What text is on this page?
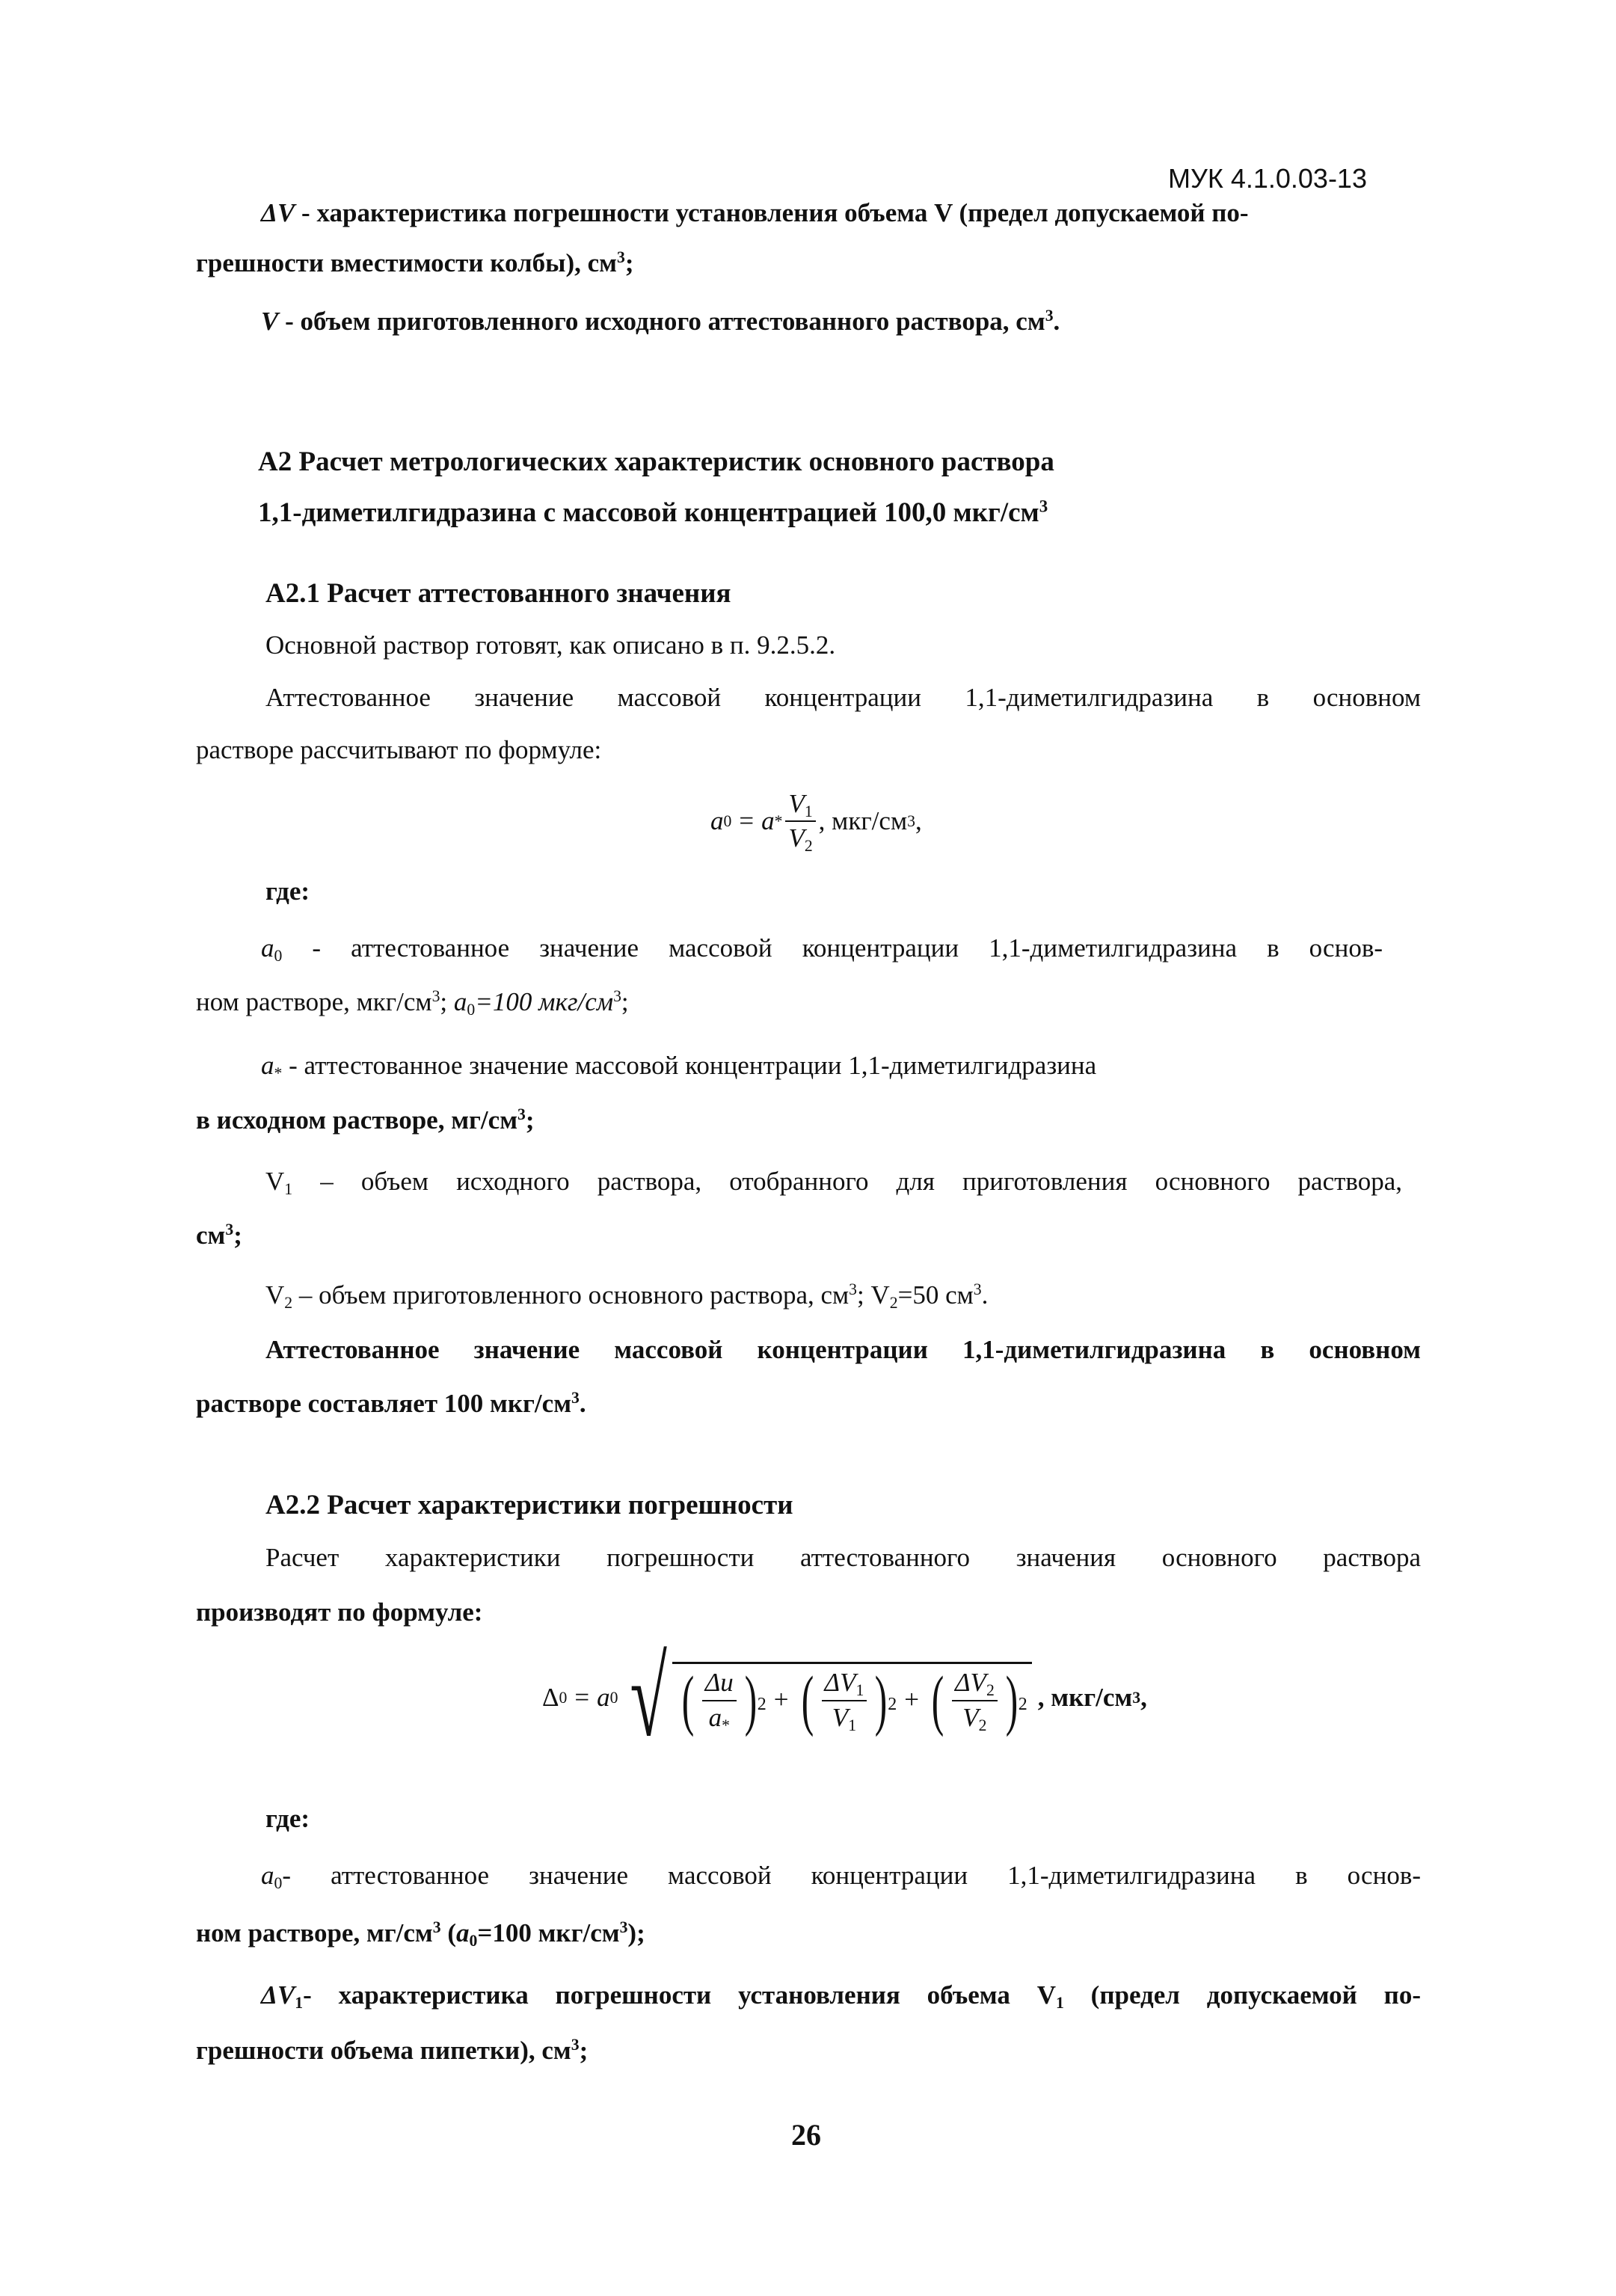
МУК 4.1.0.03-13
ΔV - характеристика погрешности установления объема V (предел допускаемой по-
грешности вместимости колбы), $см^3$;
V - объем приготовленного исходного аттестованного раствора, $см^3$.
А2 Расчет метрологических характеристик основного раствора
1,1-диметилгидразина с массовой концентрацией 100,0 мкг/$см^3$
А2.1 Расчет аттестованного значения
Основной раствор готовят, как описано в п. 9.2.5.2.
Аттестованное значение массовой концентрации 1,1-диметилгидразина в основном
растворе рассчитывают по формуле:
a $0 = a * \frac{V_1}{V_2}$ , мкг/см 3 ,
где:
$a_0$ - аттестованное значение массовой концентрации 1,1-диметилгидразина в основ-
ном растворе, мкг/$см^3$; $a_0=100$ мкг/$см^3$;
$a_*$ - аттестованное значение массовой концентрации 1,1-диметилгидразина
в исходном растворе, $мг/см^3$;
$V_1$ – объем исходного раствора, отобранного для приготовления основного раствора,
$см^3$;
$V_2$ – объем приготовленного основного раствора, $см^3$; $V_2=50$ $см^3$.
Аттестованное значение массовой концентрации 1,1-диметилгидразина в основном
растворе составляет 100 мкг/$см^3$.
А2.2 Расчет характеристики погрешности
Расчет характеристики погрешности аттестованного значения основного раствора
производят по формуле:
Δ 0 = a 0 √ ( $\frac{\Delta u}{a_*}$ ) 2 + ( $\frac{\Delta V_1}{V_1}$ ) 2 + ( $\frac{\Delta V_2}{V_2}$ ) 2 , мкг/см 3 ,
где:
$a_0-$ аттестованное значение массовой концентрации 1,1-диметилгидразина в основ-
ном растворе, $мг/см^3$ ($a_0=100$ мкг/$см^3$);
$\Delta V_1-$ характеристика погрешности установления объема $V_1$ (предел допускаемой по-
грешности объема пипетки), $см^3$;
26
